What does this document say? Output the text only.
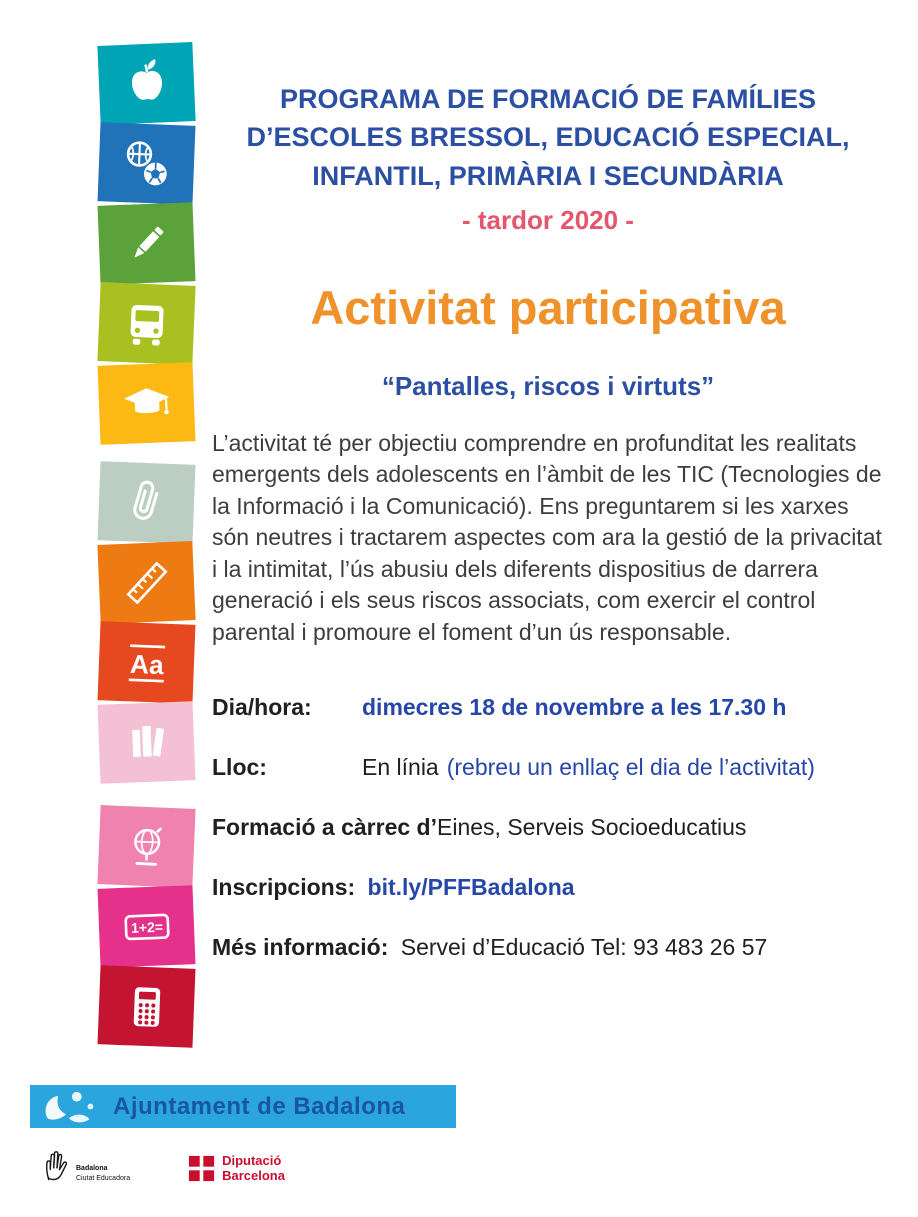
Aa
1+2=
PROGRAMA DE FORMACIÓ DE FAMÍLIES
D’ESCOLES BRESSOL, EDUCACIÓ ESPECIAL,
INFANTIL, PRIMÀRIA I SECUNDÀRIA
- tardor 2020 -
Activitat participativa
“Pantalles, riscos i virtuts”

L’activitat té per objectiu comprendre en profunditat les realitats emergents dels adolescents en l’àmbit de les TIC (Tecnologies de la Informació i la Comunicació). Ens preguntarem si les xarxes són neutres i tractarem aspectes com ara la gestió de la privacitat i la intimitat, l’ús abusiu dels diferents dispositius de darrera generació i els seus riscos associats, com exercir el control parental i promoure el foment d’un ús responsable.

Dia/hora:	dimecres 18 de novembre a les 17.30 h
Lloc:	En línia (rebreu un enllaç el dia de l’activitat)
Formació a càrrec d’Eines, Serveis Socioeducatius
Inscripcions: bit.ly/PFFBadalona
Més informació: Servei d’Educació Tel: 93 483 26 57
Ajuntament de Badalona
Badalona
Ciutat Educadora
Diputació
Barcelona
